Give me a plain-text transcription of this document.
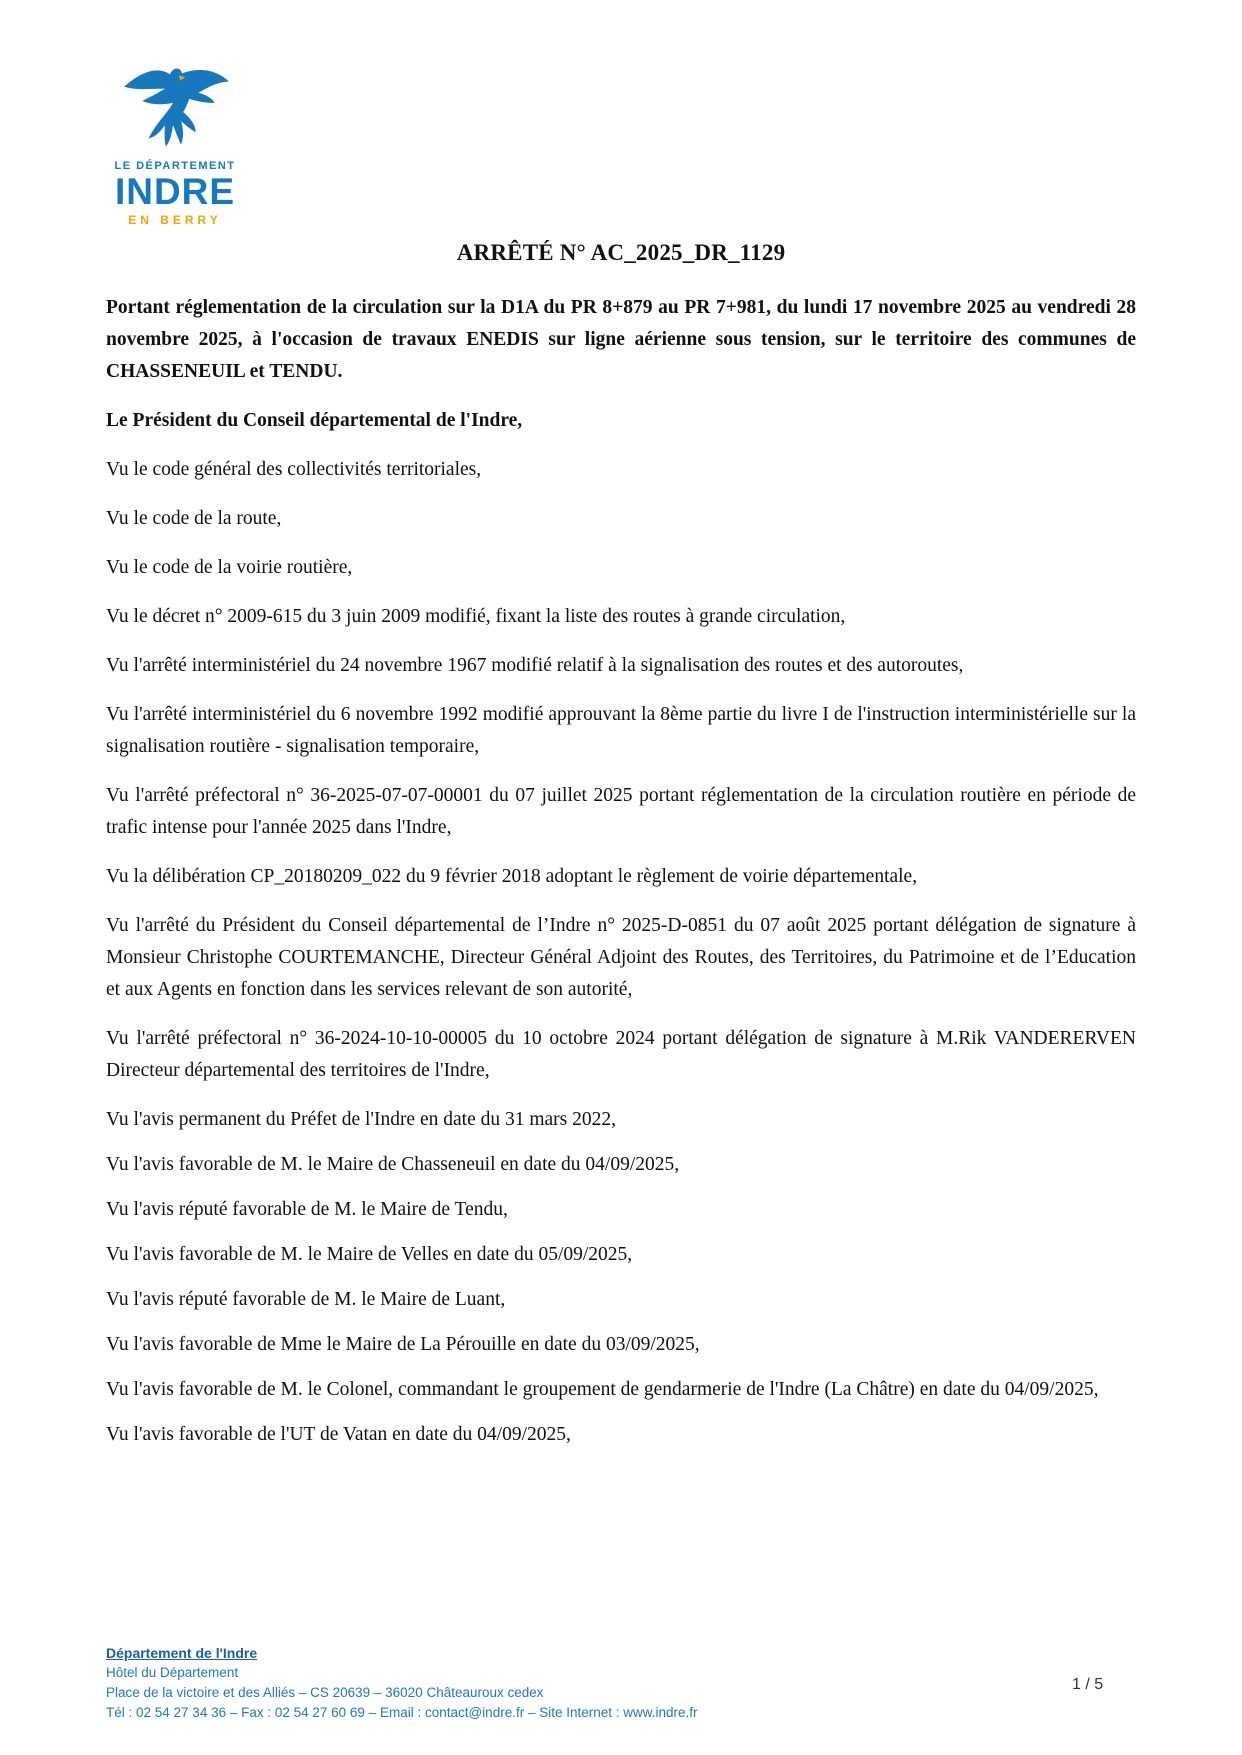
LE DÉPARTEMENT
INDRE
EN BERRY
ARRÊTÉ N° AC_2025_DR_1129

Portant réglementation de la circulation sur la D1A du PR 8+879 au PR 7+981, du lundi 17 novembre 2025 au vendredi 28 novembre 2025, à l'occasion de travaux ENEDIS sur ligne aérienne sous tension, sur le territoire des communes de CHASSENEUIL et TENDU.

Le Président du Conseil départemental de l'Indre,

Vu le code général des collectivités territoriales,

Vu le code de la route,

Vu le code de la voirie routière,

Vu le décret n° 2009-615 du 3 juin 2009 modifié, fixant la liste des routes à grande circulation,

Vu l'arrêté interministériel du 24 novembre 1967 modifié relatif à la signalisation des routes et des autoroutes,

Vu l'arrêté interministériel du 6 novembre 1992 modifié approuvant la 8ème partie du livre I de l'instruction interministérielle sur la signalisation routière - signalisation temporaire,

Vu l'arrêté préfectoral n° 36-2025-07-07-00001 du 07 juillet 2025 portant réglementation de la circulation routière en période de trafic intense pour l'année 2025 dans l'Indre,

Vu la délibération CP_20180209_022 du 9 février 2018 adoptant le règlement de voirie départementale,

Vu l'arrêté du Président du Conseil départemental de l’Indre n° 2025-D-0851 du 07 août 2025 portant délégation de signature à Monsieur Christophe COURTEMANCHE, Directeur Général Adjoint des Routes, des Territoires, du Patrimoine et de l’Education et aux Agents en fonction dans les services relevant de son autorité,

Vu l'arrêté préfectoral n° 36-2024-10-10-00005 du 10 octobre 2024 portant délégation de signature à M.Rik VANDERERVEN Directeur départemental des territoires de l'Indre,

Vu l'avis permanent du Préfet de l'Indre en date du 31 mars 2022,

Vu l'avis favorable de M. le Maire de Chasseneuil en date du 04/09/2025,

Vu l'avis réputé favorable de M. le Maire de Tendu,

Vu l'avis favorable de M. le Maire de Velles en date du 05/09/2025,

Vu l'avis réputé favorable de M. le Maire de Luant,

Vu l'avis favorable de Mme le Maire de La Pérouille en date du 03/09/2025,

Vu l'avis favorable de M. le Colonel, commandant le groupement de gendarmerie de l'Indre (La Châtre) en date du 04/09/2025,

Vu l'avis favorable de l'UT de Vatan en date du 04/09/2025,

Département de l'Indre
Hôtel du Département
Place de la victoire et des Alliés – CS 20639 – 36020 Châteauroux cedex
Tél : 02 54 27 34 36 – Fax : 02 54 27 60 69 – Email : contact@indre.fr – Site Internet : www.indre.fr
1 / 5
